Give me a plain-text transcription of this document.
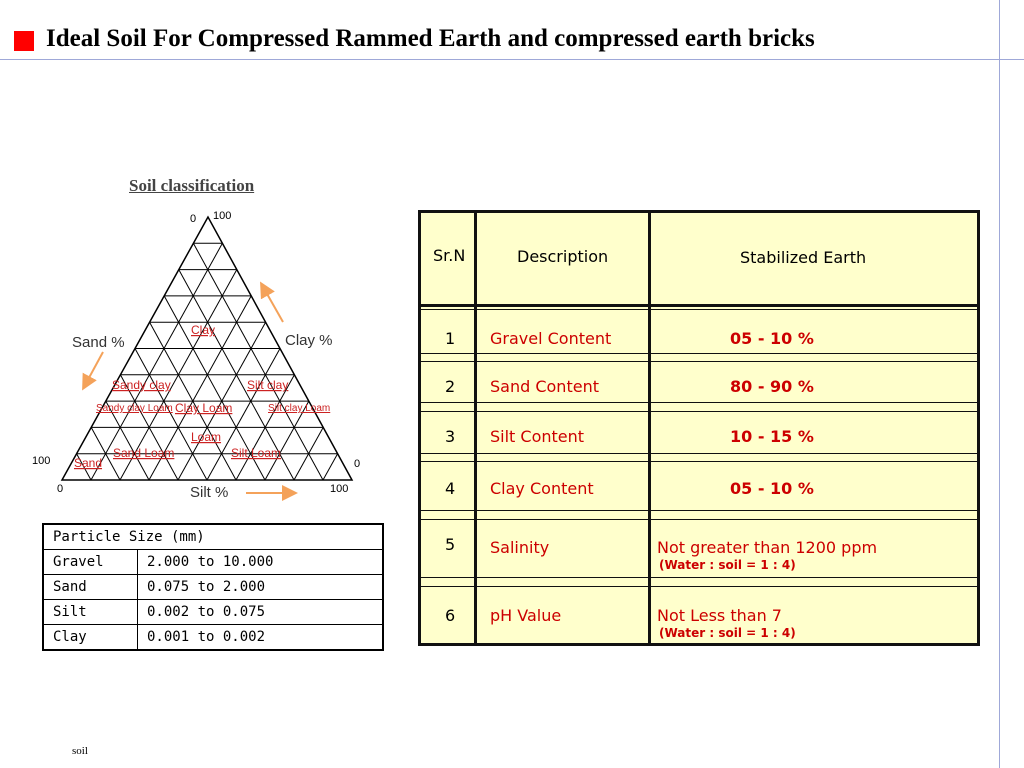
Ideal Soil For Compressed Rammed Earth and compressed earth bricks
Soil classification
0 100
100	0
0	100
Sand %	Clay %
Silt %
Clay
Sandy clay	Silt clay
Sandy clay Loam Clay Loam	Silt clay Loam
Loam
Sand
Sand Loam	Silt Loam
Particle Size (mm)	
Gravel	2.000 to 10.000
Sand	0.075 to 2.000
Silt	0.002 to 0.075
Clay	0.001 to 0.002
Sr.N	Description	Stabilized Earth
1 Gravel Content	05 - 10 %
2 Sand Content	80 - 90 %
3 Silt Content	10 - 15 %
4 Clay Content	05 - 10 %
5 Salinity	Not greater than 1200 ppm
(Water : soil = 1 : 4)
6 pH Value	Not Less than 7
(Water : soil = 1 : 4)
soil
